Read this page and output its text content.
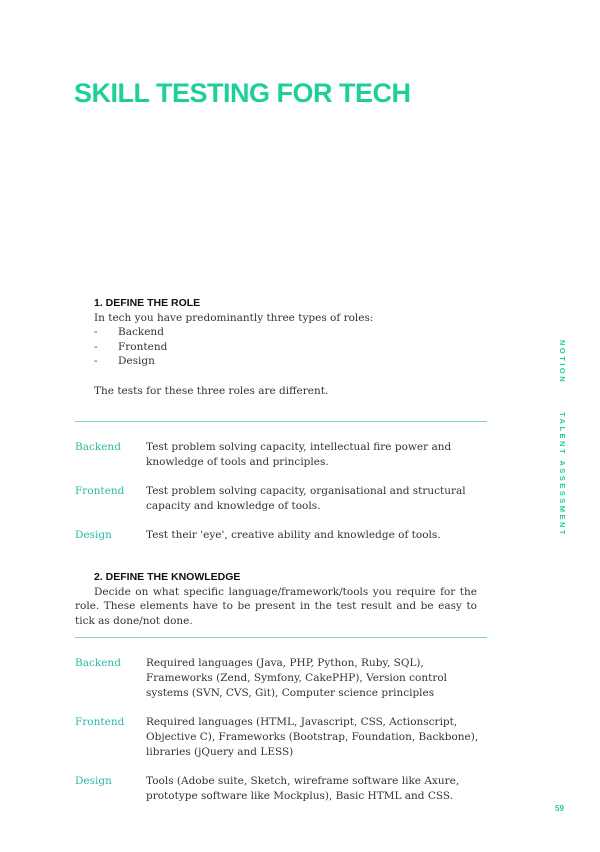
SKILL TESTING FOR TECH
1. DEFINE THE ROLE
In tech you have predominantly three types of roles:
-	Backend
-	Frontend
-	Design
The tests for these three roles are different.
Backend	Test problem solving capacity, intellectual fire power and knowledge of tools and principles.
Frontend	Test problem solving capacity, organisational and structural capacity and knowledge of tools.
Design	Test their 'eye', creative ability and knowledge of tools.
2. DEFINE THE KNOWLEDGE
Decide on what specific language/framework/tools you require for the role. These elements have to be present in the test result and be easy to tick as done/not done.
Backend	Required languages (Java, PHP, Python, Ruby, SQL), Frameworks (Zend, Symfony, CakePHP), Version control systems (SVN, CVS, Git), Computer science principles
Frontend	Required languages (HTML, Javascript, CSS, Actionscript, Objective C), Frameworks (Bootstrap, Foundation, Backbone), libraries (jQuery and LESS)
Design	Tools (Adobe suite, Sketch, wireframe software like Axure, prototype software like Mockplus), Basic HTML and CSS.
NOTION
TALENT ASSESSMENT
59
